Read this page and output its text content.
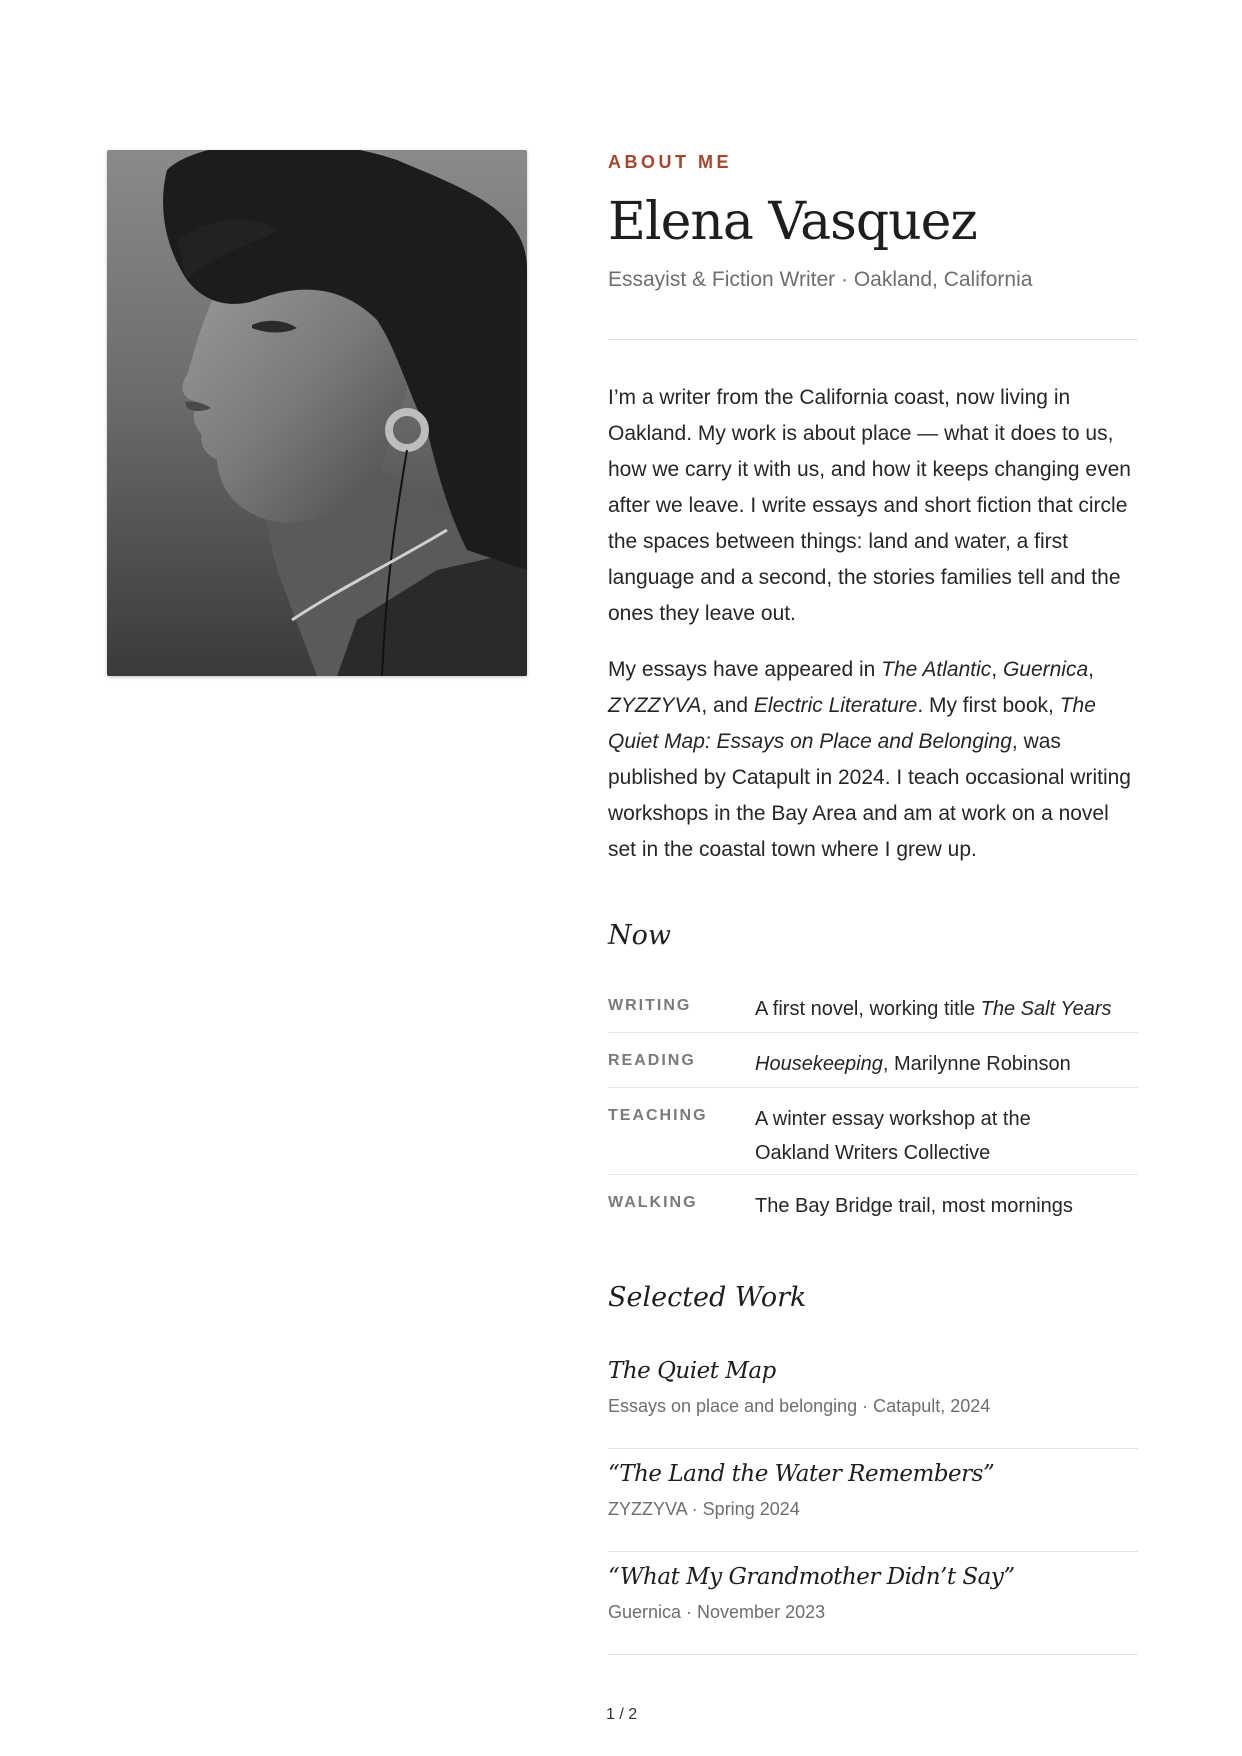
ABOUT ME
Elena Vasquez
Essayist & Fiction Writer · Oakland, California

I’m a writer from the California coast, now living in Oakland. My work is about place — what it does to us, how we carry it with us, and how it keeps changing even after we leave. I write essays and short fiction that circle the spaces between things: land and water, a first language and a second, the stories families tell and the ones they leave out.

My essays have appeared in The Atlantic, Guernica, ZYZZYVA, and Electric Literature. My first book, The Quiet Map: Essays on Place and Belonging, was published by Catapult in 2024. I teach occasional writing workshops in the Bay Area and am at work on a novel set in the coastal town where I grew up.

Now
WRITING	A first novel, working title The Salt Years
READING	Housekeeping, Marilynne Robinson
TEACHING	A winter essay workshop at the
Oakland Writers Collective
WALKING	The Bay Bridge trail, most mornings
Selected Work
The Quiet Map
Essays on place and belonging · Catapult, 2024
“The Land the Water Remembers”
ZYZZYVA · Spring 2024
“What My Grandmother Didn’t Say”
Guernica · November 2023
1 / 2
